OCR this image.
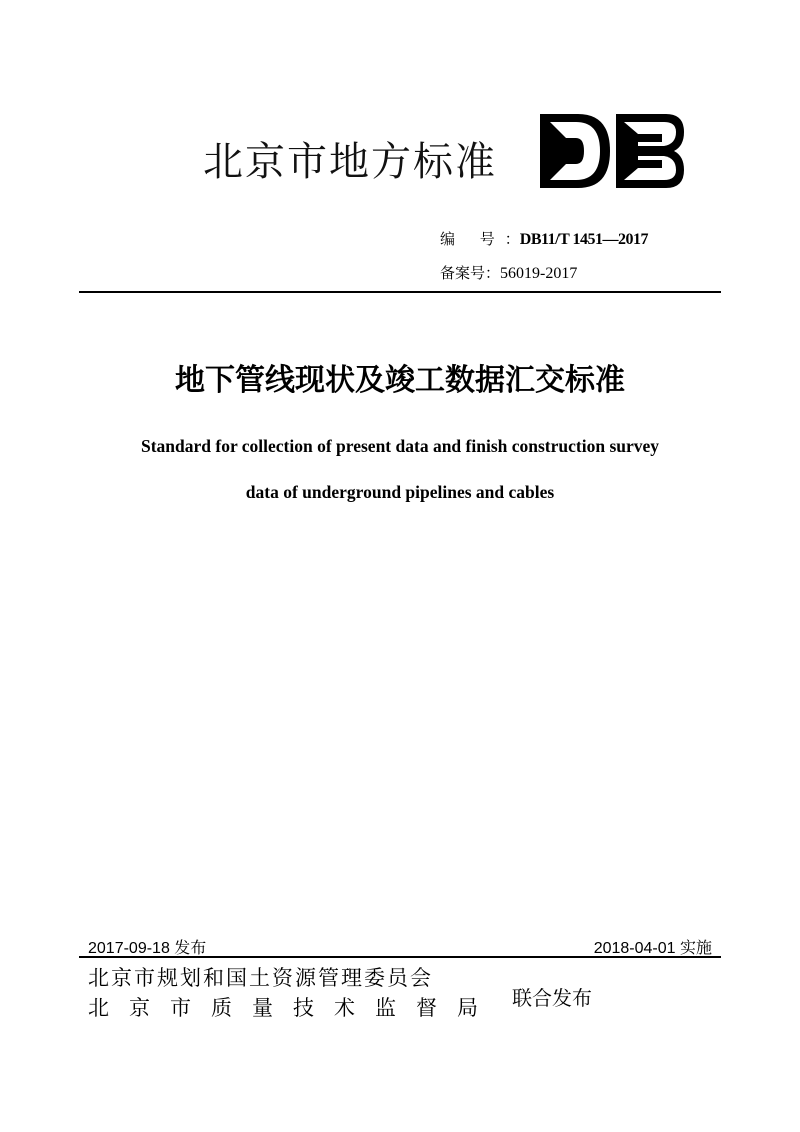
北京市地方标准
编 号：DB11/T 1451—2017
备案号：56019-2017
地下管线现状及竣工数据汇交标准
Standard for collection of present data and finish construction survey
data of underground pipelines and cables
2017-09-18 发布	2018-04-01 实施
北京市规划和国土资源管理委员会
北京市质量技术监督局 联合发布
